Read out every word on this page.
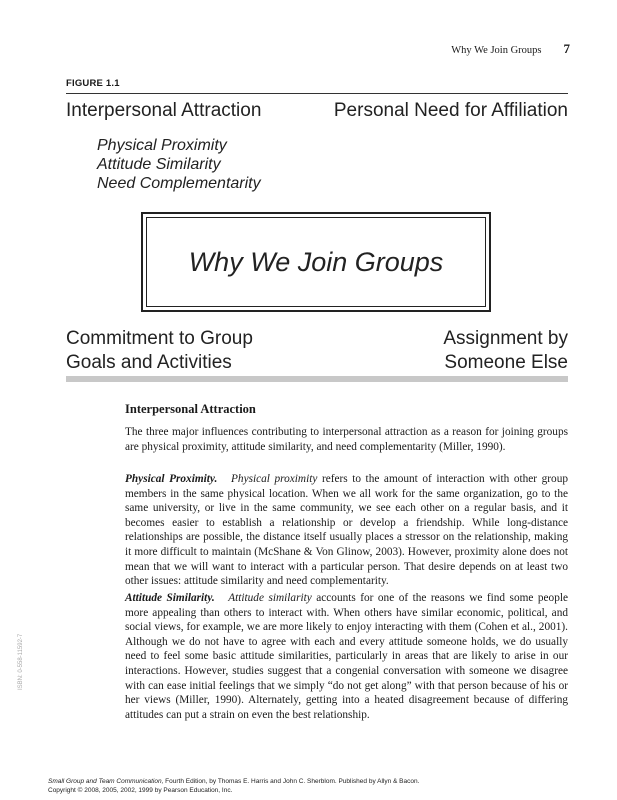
Why We Join Groups 7
FIGURE 1.1
Interpersonal Attraction	Personal Need for Affiliation
Physical Proximity
Attitude Similarity
Need Complementarity
Why We Join Groups
Commitment to Group
Goals and Activities
Assignment by
Someone Else
Interpersonal Attraction

The three major influences contributing to interpersonal attraction as a reason for joining groups are physical proximity, attitude similarity, and need complementarity (Miller, 1990).

Physical Proximity. Physical proximity refers to the amount of interaction with other group members in the same physical location. When we all work for the same organization, go to the same university, or live in the same community, we see each other on a regular basis, and it becomes easier to establish a relationship or develop a friendship. While long-distance relationships are possible, the distance itself usually places a stressor on the relationship, making it more difficult to maintain (McShane & Von Glinow, 2003). However, proximity alone does not mean that we will want to interact with a particular person. That desire depends on at least two other issues: attitude similarity and need complementarity.

Attitude Similarity. Attitude similarity accounts for one of the reasons we find some people more appealing than others to interact with. When others have similar economic, political, and social views, for example, we are more likely to enjoy interacting with them (Cohen et al., 2001). Although we do not have to agree with each and every attitude someone holds, we do usually need to feel some basic attitude similarities, particularly in areas that are likely to arise in our interactions. However, studies suggest that a congenial conversation with someone we disagree with can ease initial feelings that we simply “do not get along” with that person because of his or her views (Miller, 1990). Alternately, getting into a heated disagreement because of differing attitudes can put a strain on even the best relationship.

ISBN: 0-558-11592-7
Small Group and Team Communication, Fourth Edition, by Thomas E. Harris and John C. Sherblom. Published by Allyn & Bacon.
Copyright © 2008, 2005, 2002, 1999 by Pearson Education, Inc.
